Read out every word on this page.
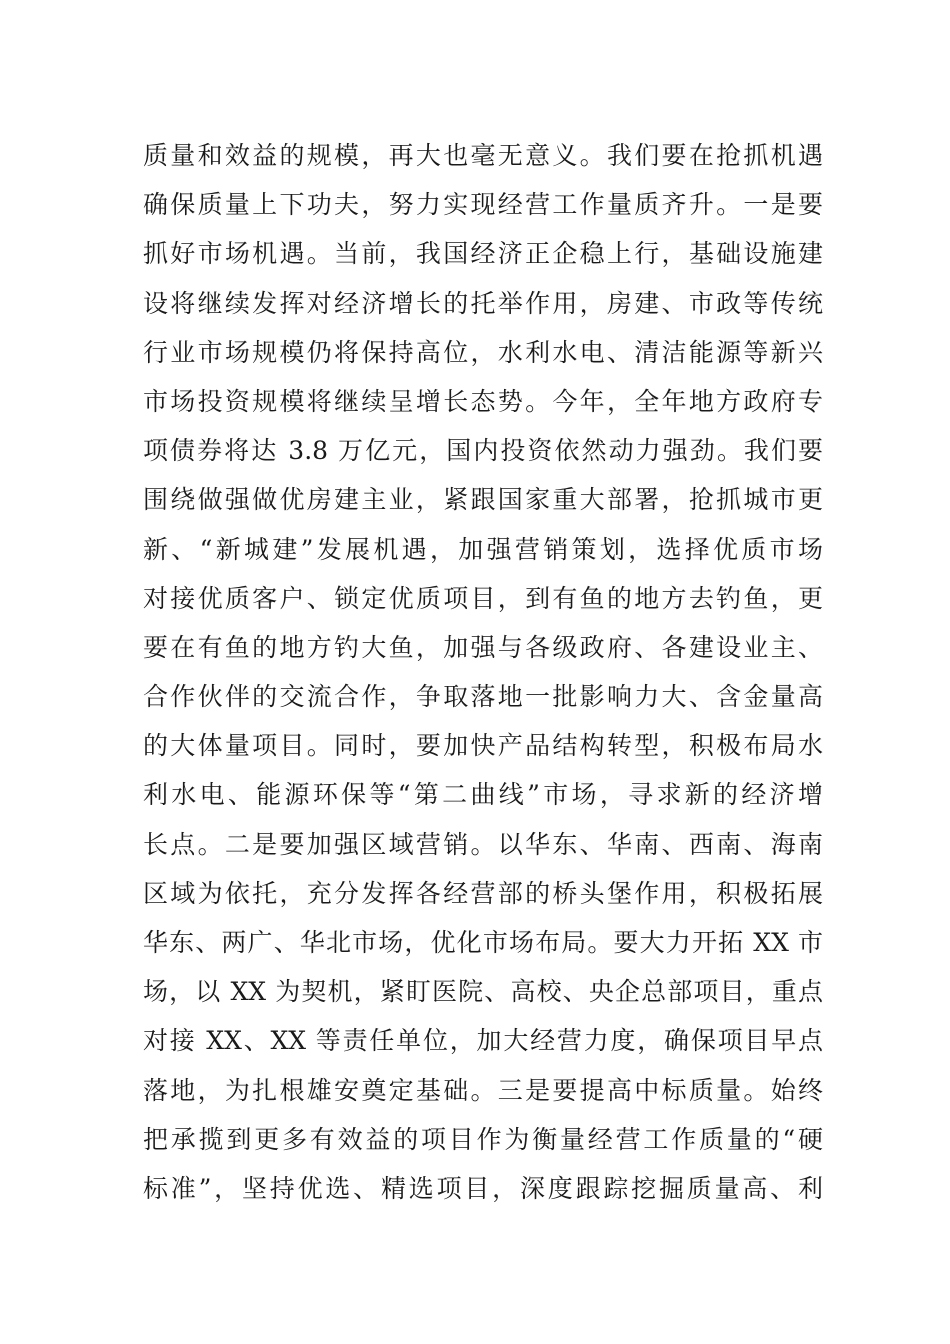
质量和效益的规模，再大也毫无意义。我们要在抢抓机遇
确保质量上下功夫，努力实现经营工作量质齐升。一是要
抓好市场机遇。当前，我国经济正企稳上行，基础设施建
设将继续发挥对经济增长的托举作用，房建、市政等传统
行业市场规模仍将保持高位，水利水电、清洁能源等新兴
市场投资规模将继续呈增长态势。今年，全年地方政府专
项债券将达 3.8 万亿元，国内投资依然动力强劲。我们要
围绕做强做优房建主业，紧跟国家重大部署，抢抓城市更
新、“新城建”发展机遇，加强营销策划，选择优质市场
对接优质客户、锁定优质项目，到有鱼的地方去钓鱼，更
要在有鱼的地方钓大鱼，加强与各级政府、各建设业主、
合作伙伴的交流合作，争取落地一批影响力大、含金量高
的大体量项目。同时，要加快产品结构转型，积极布局水
利水电、能源环保等“第二曲线”市场，寻求新的经济增
长点。二是要加强区域营销。以华东、华南、西南、海南
区域为依托，充分发挥各经营部的桥头堡作用，积极拓展
华东、两广、华北市场，优化市场布局。要大力开拓 XX 市
场，以 XX 为契机，紧盯医院、高校、央企总部项目，重点
对接 XX、XX 等责任单位，加大经营力度，确保项目早点
落地，为扎根雄安奠定基础。三是要提高中标质量。始终
把承揽到更多有效益的项目作为衡量经营工作质量的“硬
标准”，坚持优选、精选项目，深度跟踪挖掘质量高、利
